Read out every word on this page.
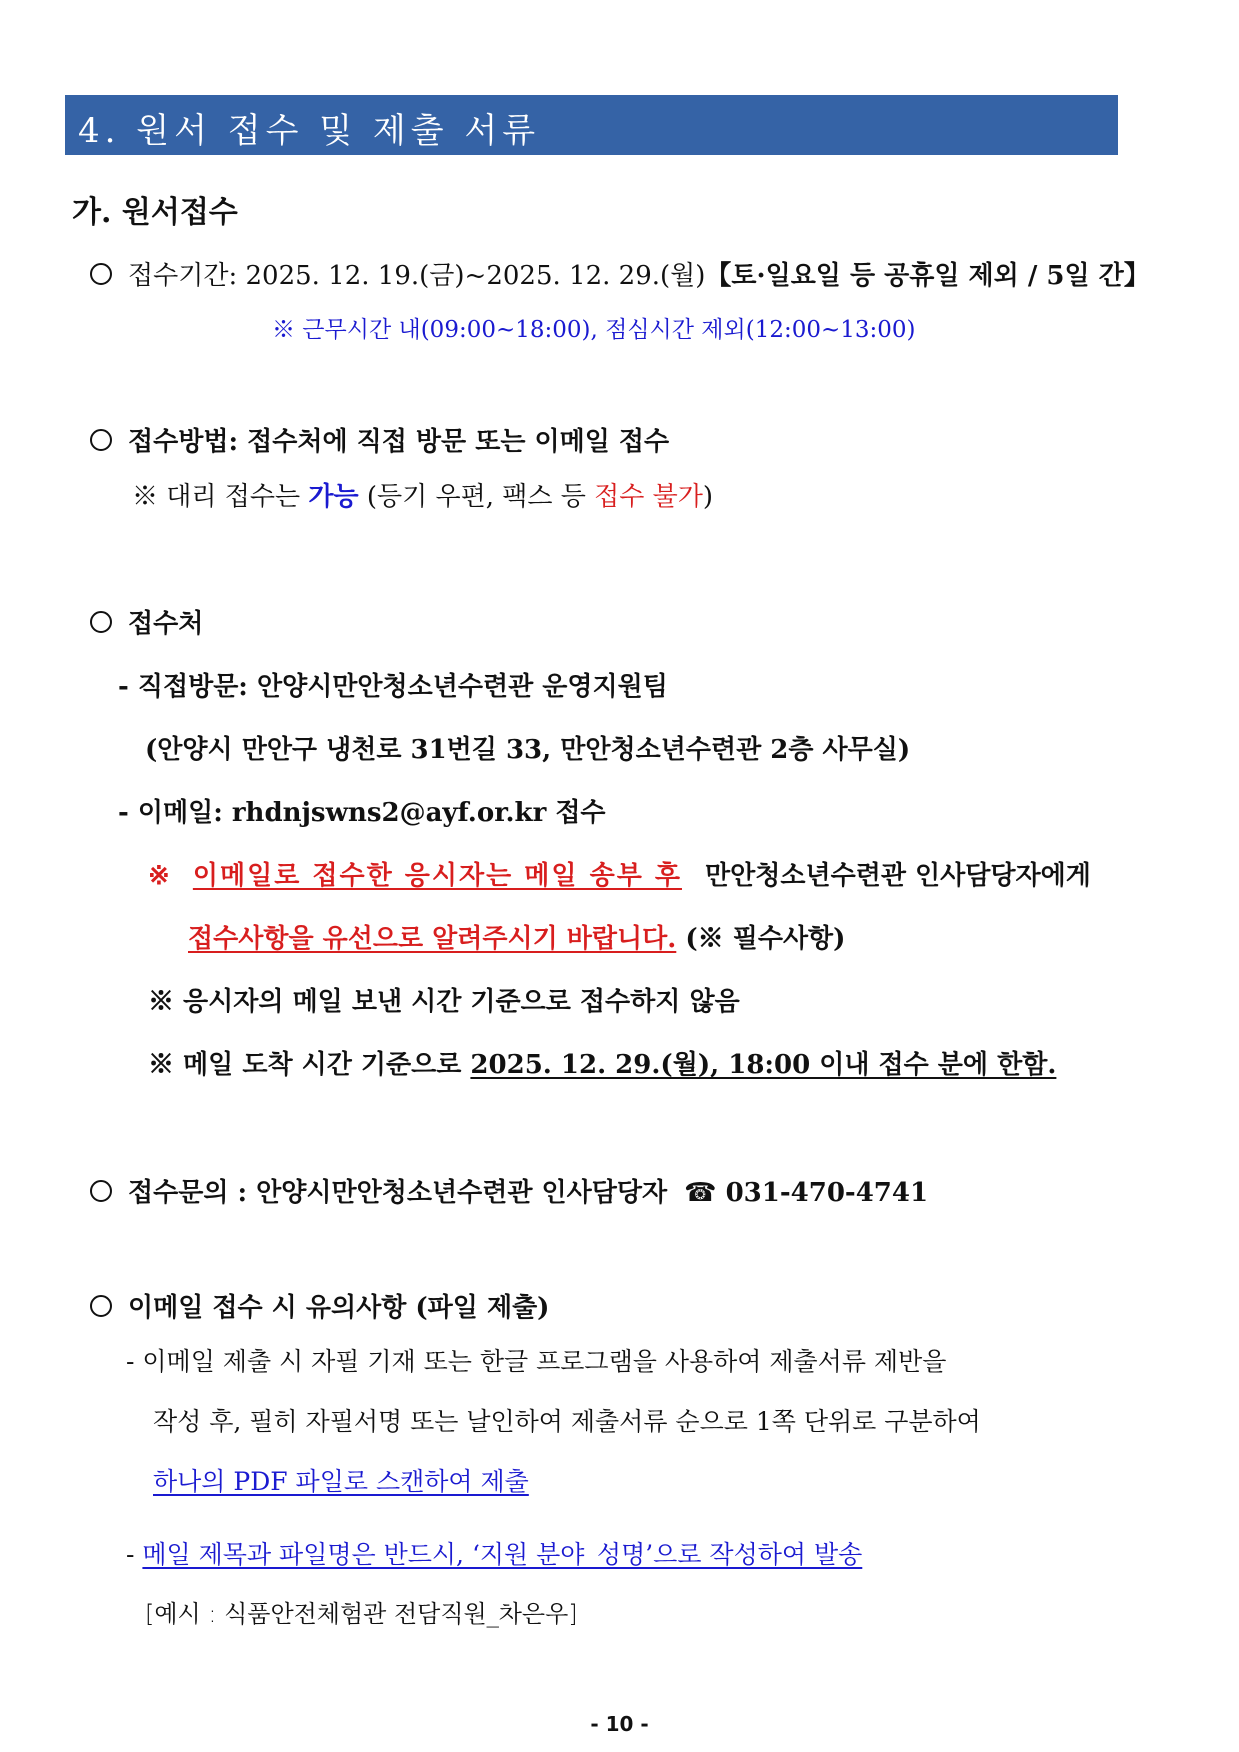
4. 원서 접수 및 제출 서류
가. 원서접수
접수기간: 2025. 12. 19.(금)~2025. 12. 29.(월)【토·일요일 등 공휴일 제외 / 5일 간】
※ 근무시간 내(09:00~18:00), 점심시간 제외(12:00~13:00)
접수방법: 접수처에 직접 방문 또는 이메일 접수
※ 대리 접수는 가능 (등기 우편, 팩스 등 접수 불가)
접수처
- 직접방문: 안양시만안청소년수련관 운영지원팀
(안양시 만안구 냉천로 31번길 33, 만안청소년수련관 2층 사무실)
- 이메일: rhdnjswns2@ayf.or.kr 접수
※ 이메일로 접수한 응시자는 메일 송부 후 만안청소년수련관 인사담당자에게
접수사항을 유선으로 알려주시기 바랍니다. (※ 필수사항)
※ 응시자의 메일 보낸 시간 기준으로 접수하지 않음
※ 메일 도착 시간 기준으로 2025. 12. 29.(월), 18:00 이내 접수 분에 한함.
접수문의 : 안양시만안청소년수련관 인사담당자 ☎ 031-470-4741
이메일 접수 시 유의사항 (파일 제출)
- 이메일 제출 시 자필 기재 또는 한글 프로그램을 사용하여 제출서류 제반을
작성 후, 필히 자필서명 또는 날인하여 제출서류 순으로 1쪽 단위로 구분하여
하나의 PDF 파일로 스캔하여 제출
- 메일 제목과 파일명은 반드시, ‘지원 분야_성명’으로 작성하여 발송
[예시 : 식품안전체험관 전담직원_차은우]
- 10 -
